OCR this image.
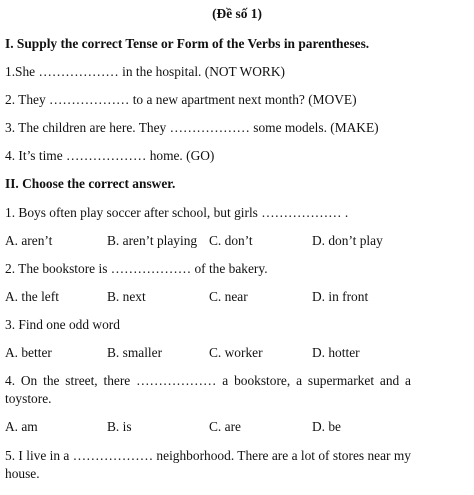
(Đề số 1)
I. Supply the correct Tense or Form of the Verbs in parentheses.
1.She ……………… in the hospital. (NOT WORK)
2. They ……………… to a new apartment next month? (MOVE)
3. The children are here. They ……………… some models. (MAKE)
4. It’s time ……………… home. (GO)
II. Choose the correct answer.
1. Boys often play soccer after school, but girls ……………… .
A. aren’t	B. aren’t playing C. don’t	D. don’t play
2. The bookstore is ……………… of the bakery.
A. the left	B. next	C. near	D. in front
3. Find one odd word
A. better	B. smaller	C. worker	D. hotter
4. On the street, there ……………… a bookstore, a supermarket and a
toystore.
A. am	B. is	C. are	D. be
5. I live in a ……………… neighborhood. There are a lot of stores near my
house.
